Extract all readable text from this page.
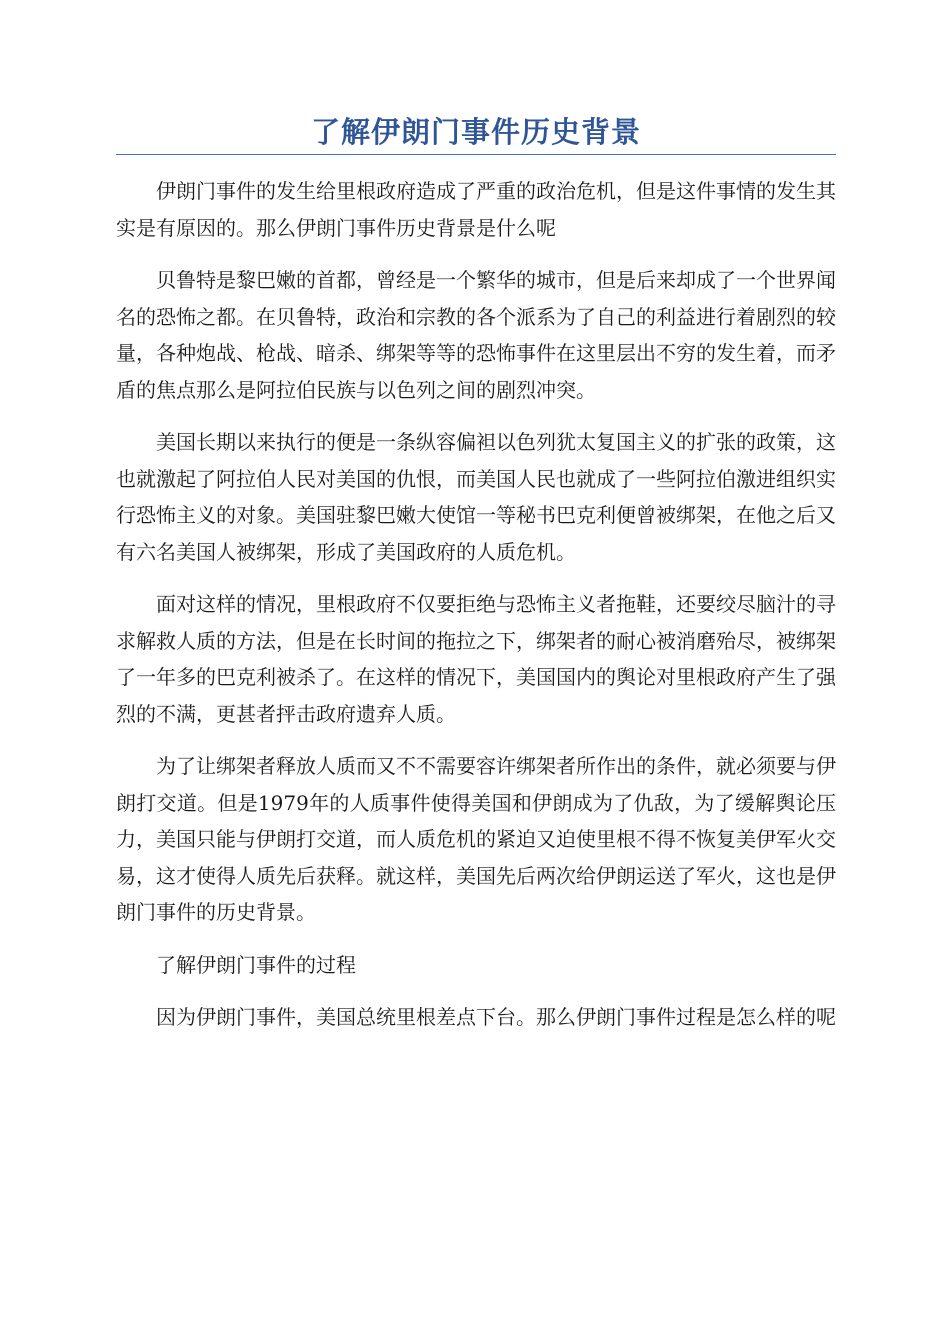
了解伊朗门事件历史背景

伊朗门事件的发生给里根政府造成了严重的政治危机，但是这件事情的发生其实是有原因的。那么伊朗门事件历史背景是什么呢

贝鲁特是黎巴嫩的首都，曾经是一个繁华的城市，但是后来却成了一个世界闻名的恐怖之都。在贝鲁特，政治和宗教的各个派系为了自己的利益进行着剧烈的较量，各种炮战、枪战、暗杀、绑架等等的恐怖事件在这里层出不穷的发生着，而矛盾的焦点那么是阿拉伯民族与以色列之间的剧烈冲突。

美国长期以来执行的便是一条纵容偏袒以色列犹太复国主义的扩张的政策，这也就激起了阿拉伯人民对美国的仇恨，而美国人民也就成了一些阿拉伯激进组织实行恐怖主义的对象。美国驻黎巴嫩大使馆一等秘书巴克利便曾被绑架，在他之后又有六名美国人被绑架，形成了美国政府的人质危机。

面对这样的情况，里根政府不仅要拒绝与恐怖主义者拖鞋，还要绞尽脑汁的寻求解救人质的方法，但是在长时间的拖拉之下，绑架者的耐心被消磨殆尽，被绑架了一年多的巴克利被杀了。在这样的情况下，美国国内的舆论对里根政府产生了强烈的不满，更甚者抨击政府遗弃人质。

为了让绑架者释放人质而又不不需要容许绑架者所作出的条件，就必须要与伊朗打交道。但是1979年的人质事件使得美国和伊朗成为了仇敌，为了缓解舆论压力，美国只能与伊朗打交道，而人质危机的紧迫又迫使里根不得不恢复美伊军火交易，这才使得人质先后获释。就这样，美国先后两次给伊朗运送了军火，这也是伊朗门事件的历史背景。

了解伊朗门事件的过程

因为伊朗门事件，美国总统里根差点下台。那么伊朗门事件过程是怎么样的呢
